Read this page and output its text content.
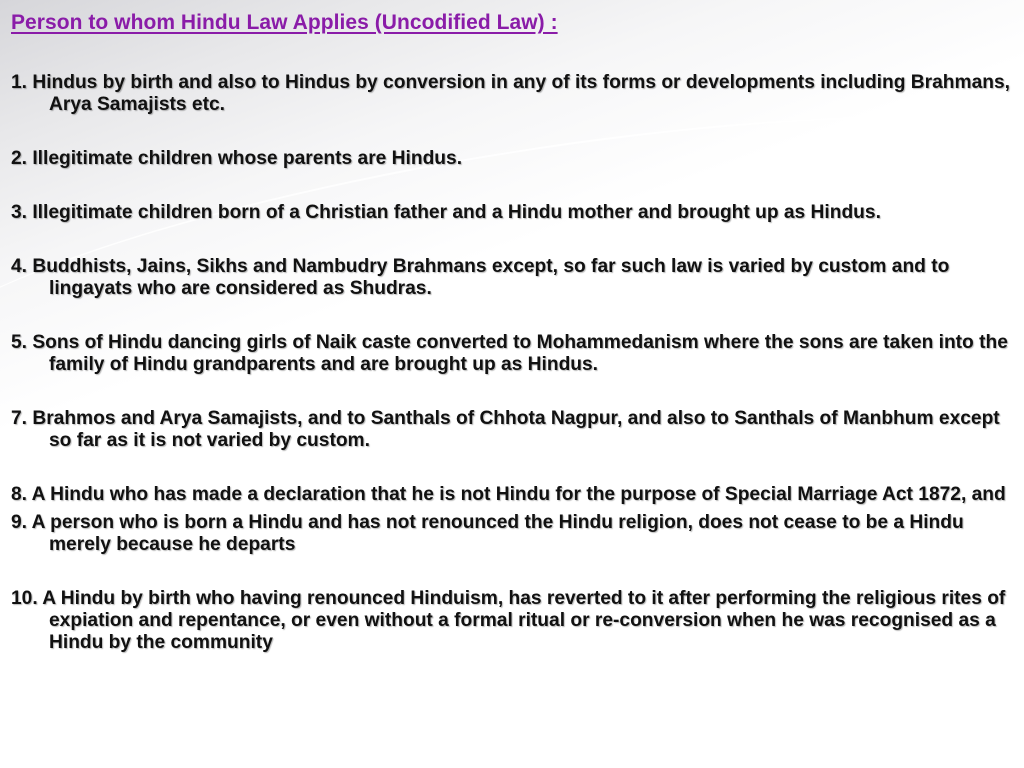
Person to whom Hindu Law Applies (Uncodified Law) :
1. Hindus by birth and also to Hindus by conversion in any of its forms or developments including Brahmans, Arya Samajists etc.
2. Illegitimate children whose parents are Hindus.
3. Illegitimate children born of a Christian father and a Hindu mother and brought up as Hindus.
4. Buddhists, Jains, Sikhs and Nambudry Brahmans except, so far such law is varied by custom and to lingayats who are considered as Shudras.
5. Sons of Hindu dancing girls of Naik caste converted to Mohammedanism where the sons are taken into the family of Hindu grandparents and are brought up as Hindus.
7. Brahmos and Arya Samajists, and to Santhals of Chhota Nagpur, and also to Santhals of Manbhum except so far as it is not varied by custom.
8. A Hindu who has made a declaration that he is not Hindu for the purpose of Special Marriage Act 1872, and
9. A person who is born a Hindu and has not renounced the Hindu religion, does not cease to be a Hindu merely because he departs
10. A Hindu by birth who having renounced Hinduism, has reverted to it after performing the religious rites of expiation and repentance, or even without a formal ritual or re-conversion when he was recognised as a Hindu by the community
